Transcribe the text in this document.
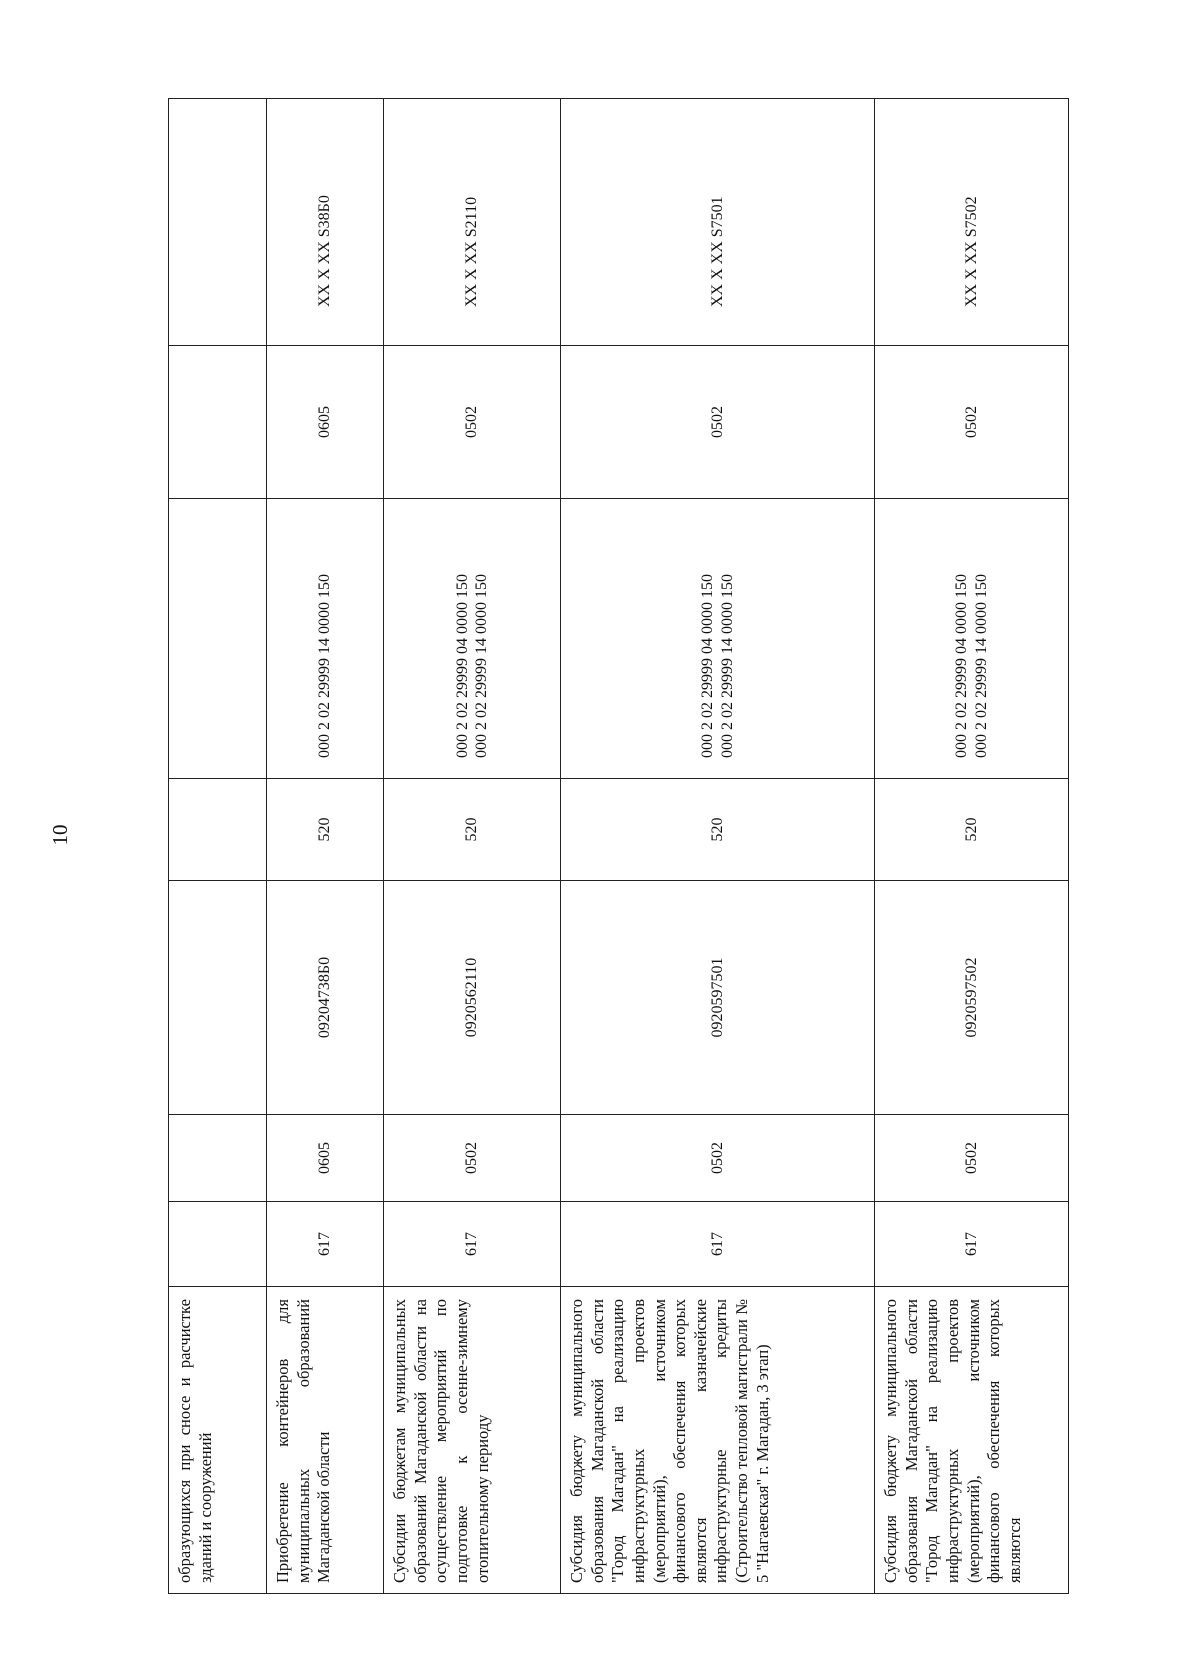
10
образующихся при сносе и расчистке зданий и сооружений							
Приобретение контейнеров для муниципальных образований Магаданской области	617	0605	09204738Б0	520	000 2 02 29999 14 0000 150	0605	XX X XX S38Б0
Субсидии бюджетам муниципальных образований Магаданской области на осуществление мероприятий по подготовке к осенне-зимнему отопительному периоду	617	0502	0920562110	520	000 2 02 29999 04 0000 150 000 2 02 29999 14 0000 150	0502	XX X XX S2110
Субсидия бюджету муниципального образования Магаданской области "Город Магадан" на реализацию инфраструктурных проектов (мероприятий), источником финансового обеспечения которых являются казначейские инфраструктурные кредиты (Строительство тепловой магистрали № 5 "Нагаевская" г. Магадан, 3 этап)	617	0502	0920597501	520	000 2 02 29999 04 0000 150 000 2 02 29999 14 0000 150	0502	XX X XX S7501
Субсидия бюджету муниципального образования Магаданской области "Город Магадан" на реализацию инфраструктурных проектов (мероприятий), источником финансового обеспечения которых являются	617	0502	0920597502	520	000 2 02 29999 04 0000 150 000 2 02 29999 14 0000 150	0502	XX X XX S7502
